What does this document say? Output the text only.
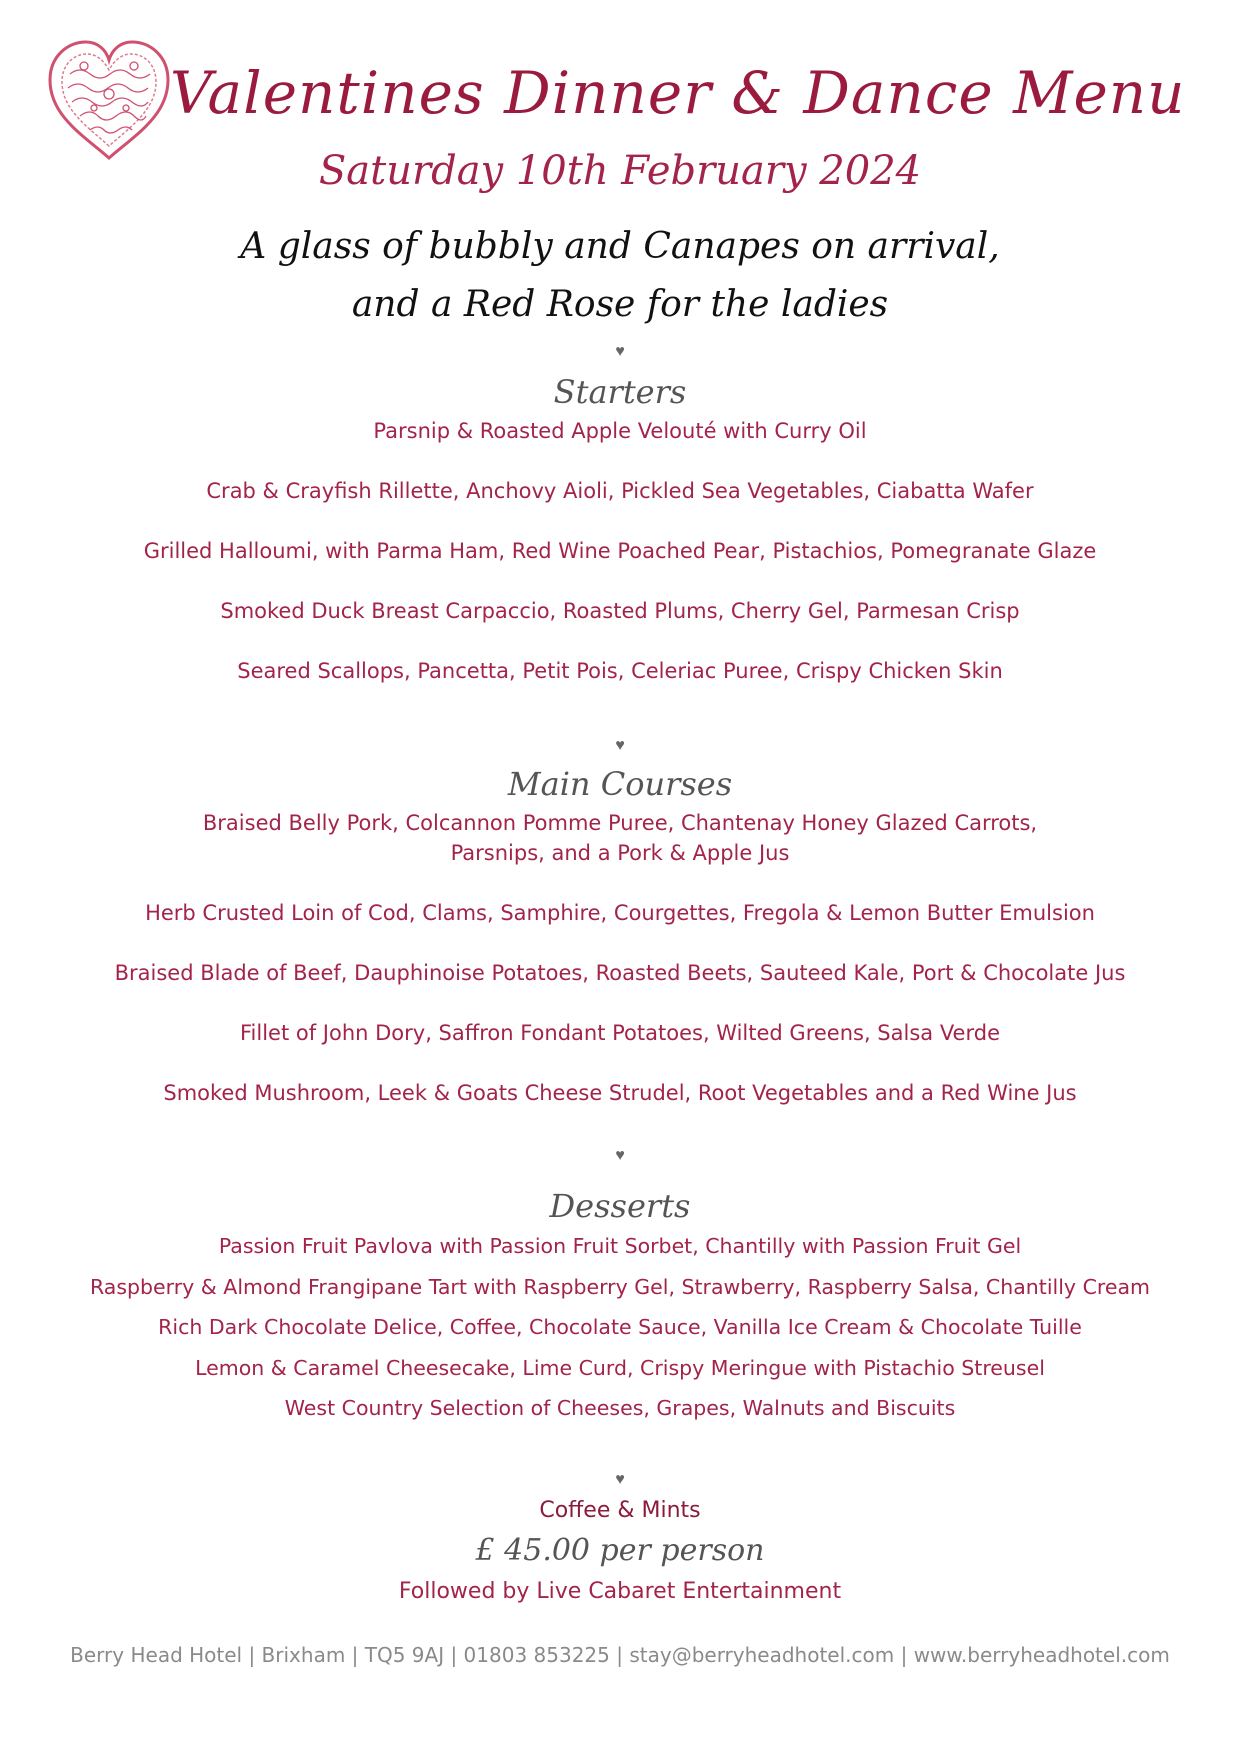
Valentines Dinner & Dance Menu
Saturday 10th February 2024
A glass of bubbly and Canapes on arrival,
and a Red Rose for the ladies
♥
Starters
Parsnip & Roasted Apple Velouté with Curry Oil
Crab & Crayfish Rillette, Anchovy Aioli, Pickled Sea Vegetables, Ciabatta Wafer
Grilled Halloumi, with Parma Ham, Red Wine Poached Pear, Pistachios, Pomegranate Glaze
Smoked Duck Breast Carpaccio, Roasted Plums, Cherry Gel, Parmesan Crisp
Seared Scallops, Pancetta, Petit Pois, Celeriac Puree, Crispy Chicken Skin
♥
Main Courses
Braised Belly Pork, Colcannon Pomme Puree, Chantenay Honey Glazed Carrots, Parsnips, and a Pork & Apple Jus
Herb Crusted Loin of Cod, Clams, Samphire, Courgettes, Fregola & Lemon Butter Emulsion
Braised Blade of Beef, Dauphinoise Potatoes, Roasted Beets, Sauteed Kale, Port & Chocolate Jus
Fillet of John Dory, Saffron Fondant Potatoes, Wilted Greens, Salsa Verde
Smoked Mushroom, Leek & Goats Cheese Strudel, Root Vegetables and a Red Wine Jus
♥
Desserts
Passion Fruit Pavlova with Passion Fruit Sorbet, Chantilly with Passion Fruit Gel
Raspberry & Almond Frangipane Tart with Raspberry Gel, Strawberry, Raspberry Salsa, Chantilly Cream
Rich Dark Chocolate Delice, Coffee, Chocolate Sauce, Vanilla Ice Cream & Chocolate Tuille
Lemon & Caramel Cheesecake, Lime Curd, Crispy Meringue with Pistachio Streusel
West Country Selection of Cheeses, Grapes, Walnuts and Biscuits
♥
Coffee & Mints
£ 45.00 per person
Followed by Live Cabaret Entertainment
Berry Head Hotel | Brixham | TQ5 9AJ | 01803 853225 | stay@berryheadhotel.com | www.berryheadhotel.com
